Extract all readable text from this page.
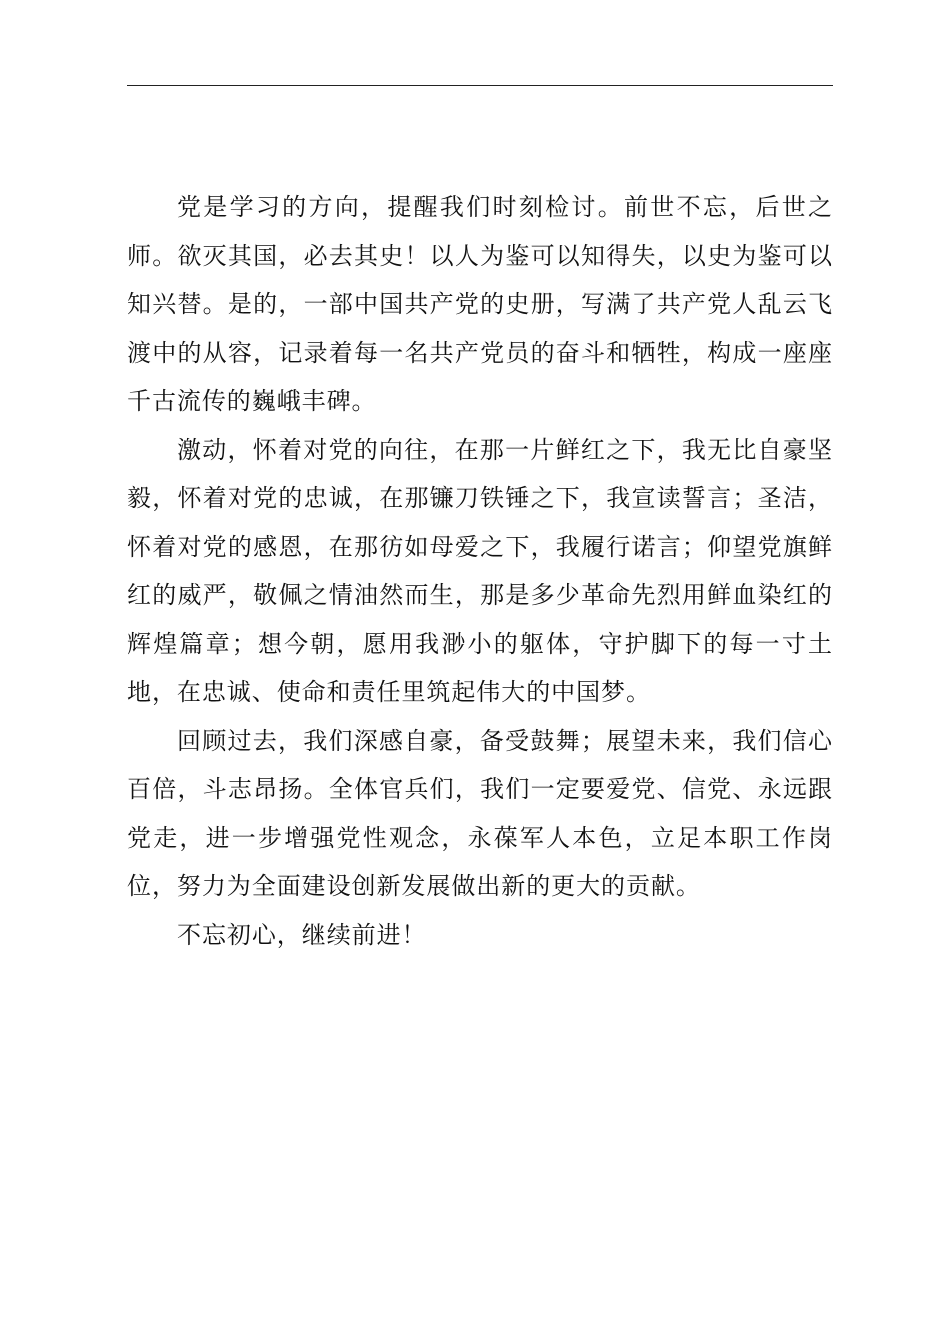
党是学习的方向，提醒我们时刻检讨。前世不忘，后世之师。欲灭其国，必去其史！以人为鉴可以知得失，以史为鉴可以知兴替。是的，一部中国共产党的史册，写满了共产党人乱云飞渡中的从容，记录着每一名共产党员的奋斗和牺牲，构成一座座千古流传的巍峨丰碑。

激动，怀着对党的向往，在那一片鲜红之下，我无比自豪坚毅，怀着对党的忠诚，在那镰刀铁锤之下，我宣读誓言；圣洁，怀着对党的感恩，在那彷如母爱之下，我履行诺言；仰望党旗鲜红的威严，敬佩之情油然而生，那是多少革命先烈用鲜血染红的辉煌篇章；想今朝，愿用我渺小的躯体，守护脚下的每一寸土地，在忠诚、使命和责任里筑起伟大的中国梦。

回顾过去，我们深感自豪，备受鼓舞；展望未来，我们信心百倍，斗志昂扬。全体官兵们，我们一定要爱党、信党、永远跟党走，进一步增强党性观念，永葆军人本色，立足本职工作岗位，努力为全面建设创新发展做出新的更大的贡献。

不忘初心，继续前进！
